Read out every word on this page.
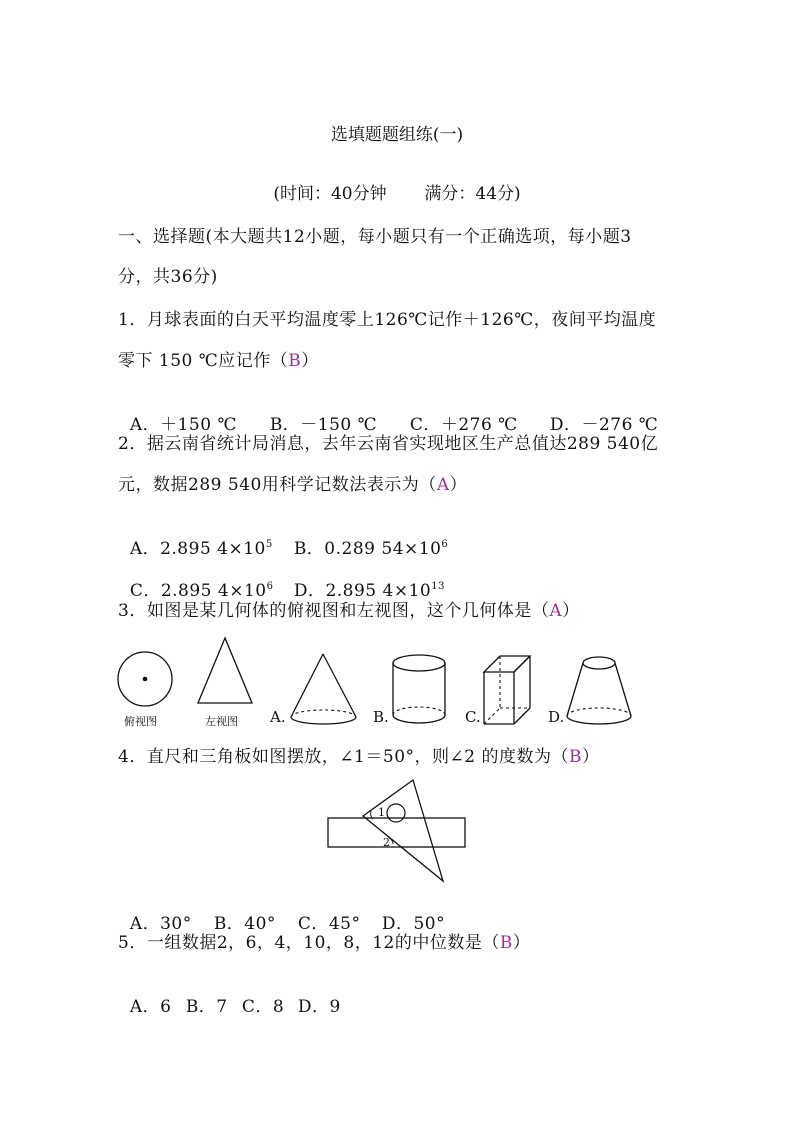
选填题题组练(一)
(时间：40分钟       满分：44分)
一、选择题(本大题共12小题，每小题只有一个正确选项，每小题3
分，共36分)
1．月球表面的白天平均温度零上126℃记作＋126℃，夜间平均温度
零下 150 ℃应记作（B）

A．＋150 ℃ B．－150 ℃ C．＋276 ℃ D．－276 ℃

2．据云南省统计局消息，去年云南省实现地区生产总值达289 540亿
元，数据289 540用科学记数法表示为（A）

A．2.895 $4\times 10^5$ B．0.289 $54\times 10^6$

C．2.895 $4\times 10^6$ D．2.895 $4\times 10^{13}$

3．如图是某几何体的俯视图和左视图，这个几何体是（A）
俯视图	左视图 A.	B.	C.	D.
4．直尺和三角板如图摆放，∠1＝50°，则∠2 的度数为（B）
1
2

A．30° B．40° C．45° D．50°

5．一组数据2，6，4，10，8，12的中位数是（B）

A．6 B．7 C．8 D．9
